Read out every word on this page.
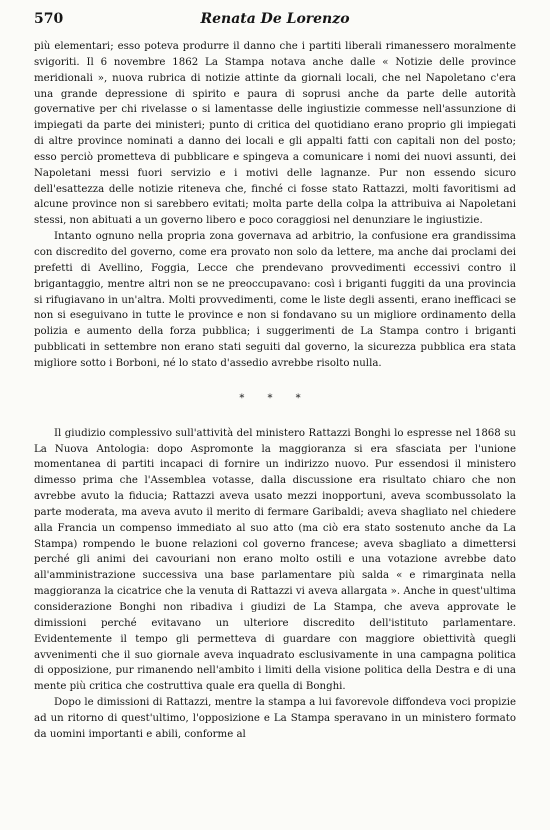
570	Renata De Lorenzo

più elementari; esso poteva produrre il danno che i partiti liberali rimanessero moralmente svigoriti. Il 6 novembre 1862 La Stampa notava anche dalle « Notizie delle province meridionali », nuova rubrica di notizie attinte da giornali locali, che nel Napoletano c'era una grande depressione di spirito e paura di soprusi anche da parte delle autorità governative per chi rivelasse o si lamentasse delle ingiustizie commesse nell'assunzione di impiegati da parte dei ministeri; punto di critica del quotidiano erano proprio gli impiegati di altre province nominati a danno dei locali e gli appalti fatti con capitali non del posto; esso perciò prometteva di pubblicare e spingeva a comunicare i nomi dei nuovi assunti, dei Napoletani messi fuori servizio e i motivi delle lagnanze. Pur non essendo sicuro dell'esattezza delle notizie riteneva che, finché ci fosse stato Rattazzi, molti favoritismi ad alcune province non si sarebbero evitati; molta parte della colpa la attribuiva ai Napoletani stessi, non abituati a un governo libero e poco coraggiosi nel denunziare le ingiustizie.

Intanto ognuno nella propria zona governava ad arbitrio, la confusione era grandissima con discredito del governo, come era provato non solo da lettere, ma anche dai proclami dei prefetti di Avellino, Foggia, Lecce che prendevano provvedimenti eccessivi contro il brigantaggio, mentre altri non se ne preoccupavano: così i briganti fuggiti da una provincia si rifugiavano in un'altra. Molti provvedimenti, come le liste degli assenti, erano inefficaci se non si eseguivano in tutte le province e non si fondavano su un migliore ordinamento della polizia e aumento della forza pubblica; i suggerimenti de La Stampa contro i briganti pubblicati in settembre non erano stati seguiti dal governo, la sicurezza pubblica era stata migliore sotto i Borboni, né lo stato d'assedio avrebbe risolto nulla.

* * *

Il giudizio complessivo sull'attività del ministero Rattazzi Bonghi lo espresse nel 1868 su La Nuova Antologia: dopo Aspromonte la maggioranza si era sfasciata per l'unione momentanea di partiti incapaci di fornire un indirizzo nuovo. Pur essendosi il ministero dimesso prima che l'Assemblea votasse, dalla discussione era risultato chiaro che non avrebbe avuto la fiducia; Rattazzi aveva usato mezzi inopportuni, aveva scombussolato la parte moderata, ma aveva avuto il merito di fermare Garibaldi; aveva shagliato nel chiedere alla Francia un compenso immediato al suo atto (ma ciò era stato sostenuto anche da La Stampa) rompendo le buone relazioni col governo francese; aveva sbagliato a dimettersi perché gli animi dei cavouriani non erano molto ostili e una votazione avrebbe dato all'amministrazione successiva una base parlamentare più salda « e rimarginata nella maggioranza la cicatrice che la venuta di Rattazzi vi aveva allargata ». Anche in quest'ultima considerazione Bonghi non ribadiva i giudizi de La Stampa, che aveva approvate le dimissioni perché evitavano un ulteriore discredito dell'istituto parlamentare. Evidentemente il tempo gli permetteva di guardare con maggiore obiettività quegli avvenimenti che il suo giornale aveva inquadrato esclusivamente in una campagna politica di opposizione, pur rimanendo nell'ambito i limiti della visione politica della Destra e di una mente più critica che costruttiva quale era quella di Bonghi.

Dopo le dimissioni di Rattazzi, mentre la stampa a lui favorevole diffondeva voci propizie ad un ritorno di quest'ultimo, l'opposizione e La Stampa speravano in un ministero formato da uomini importanti e abili, conforme al
